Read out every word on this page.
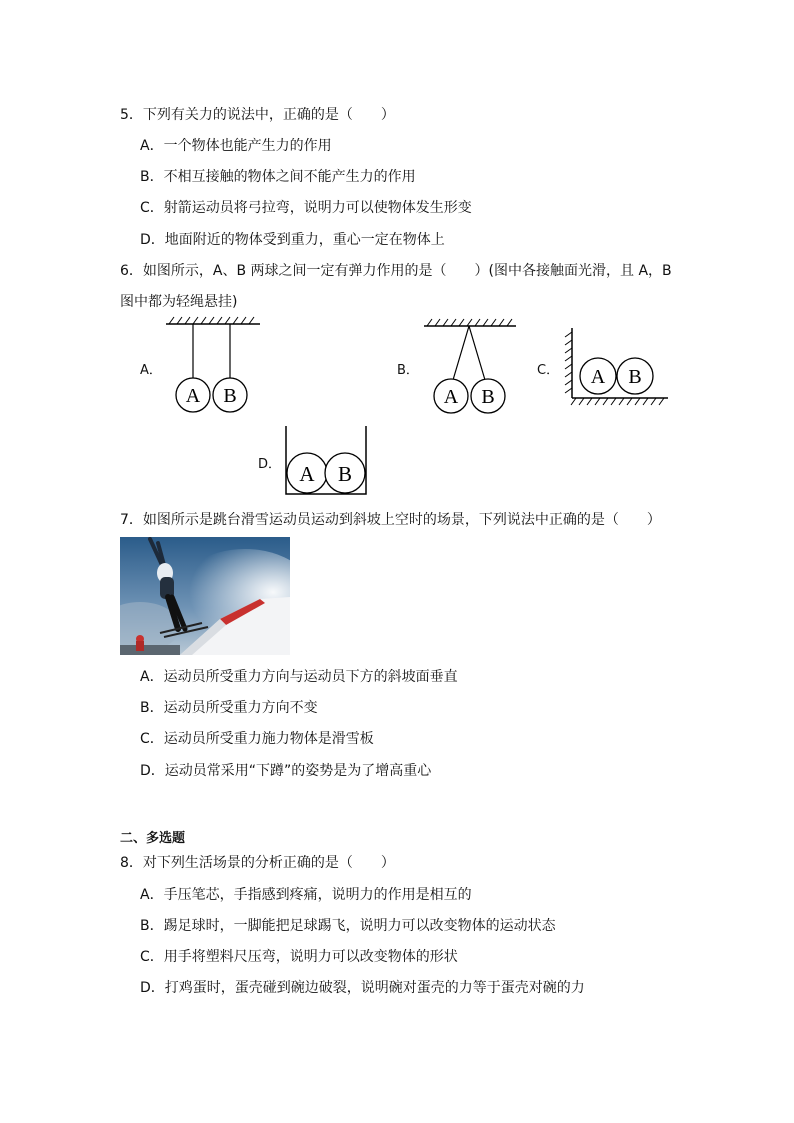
5．下列有关力的说法中，正确的是（　　）
A．一个物体也能产生力的作用
B．不相互接触的物体之间不能产生力的作用
C．射箭运动员将弓拉弯，说明力可以使物体发生形变
D．地面附近的物体受到重力，重心一定在物体上
6．如图所示，A、B 两球之间一定有弹力作用的是（　　）(图中各接触面光滑，且 A，B
图中都为轻绳悬挂)
A．	B．	C．
D．
A B	A B
A B
A B
7．如图所示是跳台滑雪运动员运动到斜坡上空时的场景，下列说法中正确的是（　　）
A．运动员所受重力方向与运动员下方的斜坡面垂直
B．运动员所受重力方向不变
C．运动员所受重力施力物体是滑雪板
D．运动员常采用“下蹲”的姿势是为了增高重心
二、多选题
8．对下列生活场景的分析正确的是（　　）
A．手压笔芯，手指感到疼痛，说明力的作用是相互的
B．踢足球时，一脚能把足球踢飞，说明力可以改变物体的运动状态
C．用手将塑料尺压弯，说明力可以改变物体的形状
D．打鸡蛋时，蛋壳碰到碗边破裂，说明碗对蛋壳的力等于蛋壳对碗的力
